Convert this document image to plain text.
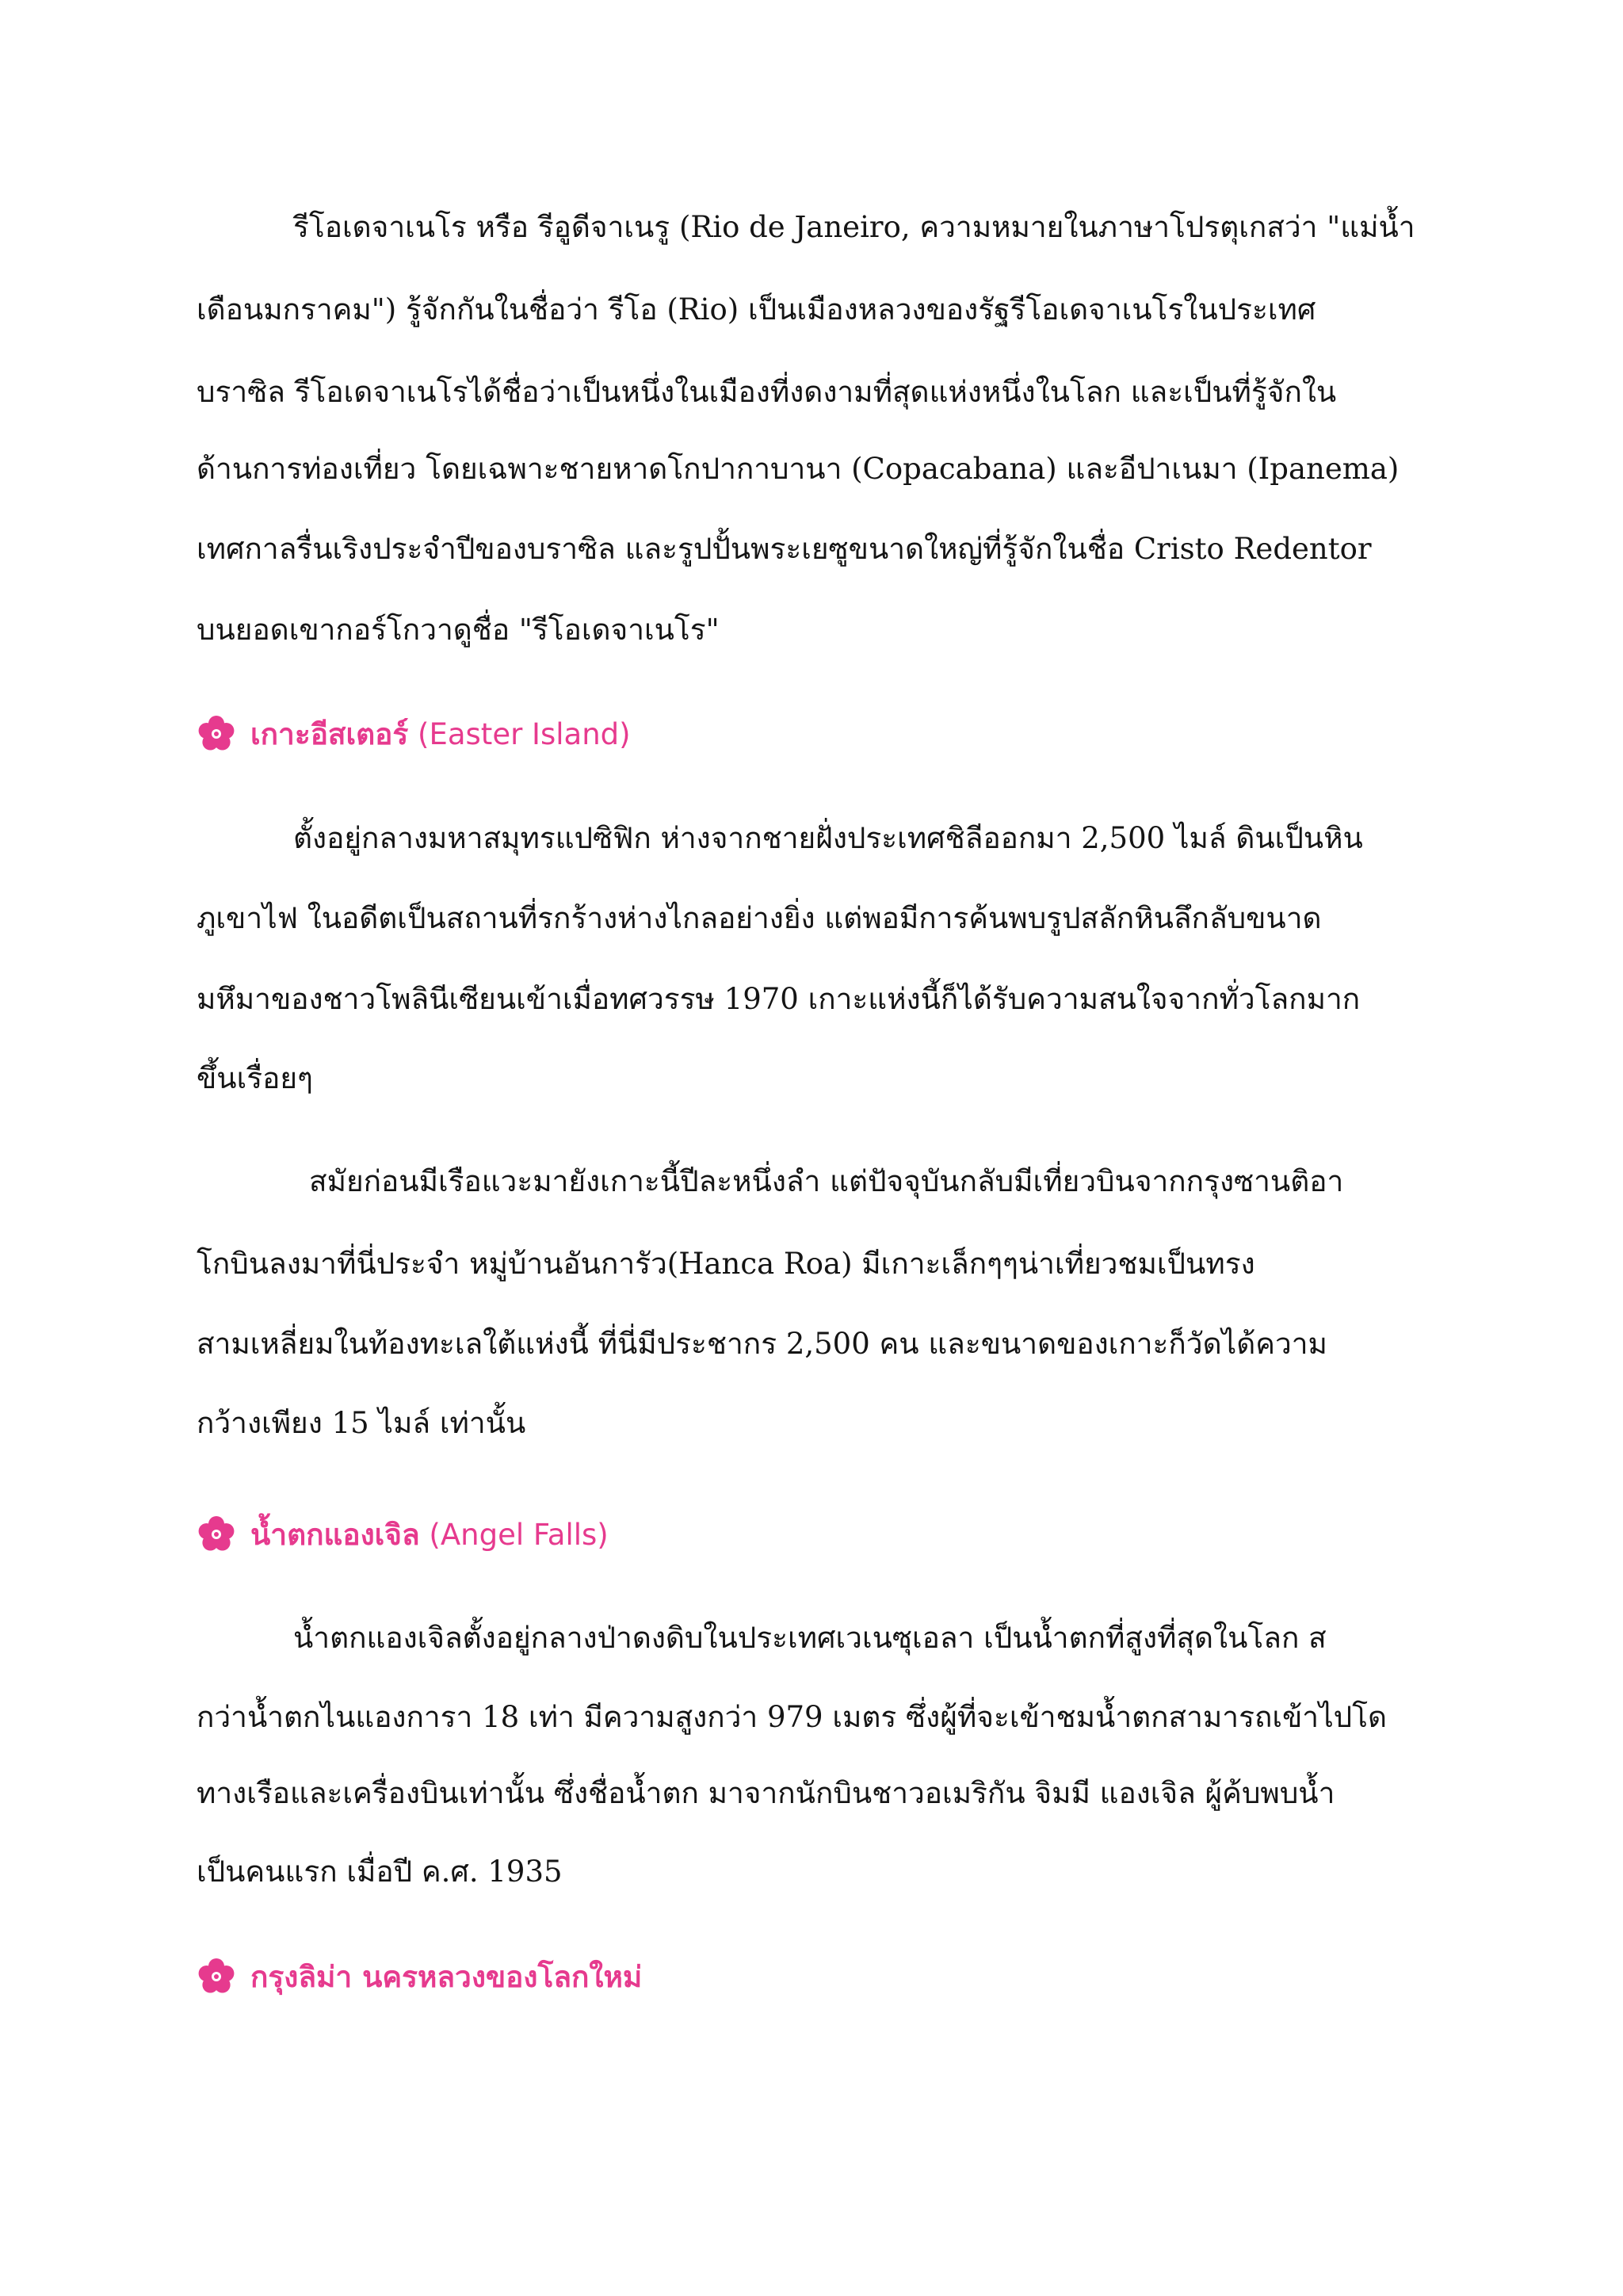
รีโอเดจาเนโร หรือ รีอูดีจาเนรู (Rio de Janeiro, ความหมายในภาษาโปรตุเกสว่า "แม่น้ำ
เดือนมกราคม") รู้จักกันในชื่อว่า รีโอ (Rio) เป็นเมืองหลวงของรัฐรีโอเดจาเนโรในประเทศ
บราซิล รีโอเดจาเนโรได้ชื่อว่าเป็นหนึ่งในเมืองที่งดงามที่สุดแห่งหนึ่งในโลก และเป็นที่รู้จักใน
ด้านการท่องเที่ยว โดยเฉพาะชายหาดโกปากาบานา (Copacabana) และอีปาเนมา (Ipanema)
เทศกาลรื่นเริงประจำปีของบราซิล และรูปปั้นพระเยซูขนาดใหญ่ที่รู้จักในชื่อ Cristo Redentor
บนยอดเขากอร์โกวาดูชื่อ "รีโอเดจาเนโร"
เกาะอีสเตอร์ (Easter Island)
ตั้งอยู่กลางมหาสมุทรแปซิฟิก ห่างจากชายฝั่งประเทศชิลีออกมา 2,500 ไมล์ ดินเป็นหิน
ภูเขาไฟ ในอดีตเป็นสถานที่รกร้างห่างไกลอย่างยิ่ง แต่พอมีการค้นพบรูปสลักหินลึกลับขนาด
มหึมาของชาวโพลินีเซียนเข้าเมื่อทศวรรษ 1970 เกาะแห่งนี้ก็ได้รับความสนใจจากทั่วโลกมาก
ขึ้นเรื่อยๆ
สมัยก่อนมีเรือแวะมายังเกาะนี้ปีละหนึ่งลำ แต่ปัจจุบันกลับมีเที่ยวบินจากกรุงซานติอา
โกบินลงมาที่นี่ประจำ หมู่บ้านอันการัว(Hanca Roa) มีเกาะเล็กๆๆน่าเที่ยวชมเป็นทรง
สามเหลี่ยมในท้องทะเลใต้แห่งนี้ ที่นี่มีประชากร 2,500 คน และขนาดของเกาะก็วัดได้ความ
กว้างเพียง 15 ไมล์ เท่านั้น
น้ำตกแองเจิล (Angel Falls)
น้ำตกแองเจิลตั้งอยู่กลางป่าดงดิบในประเทศเวเนซุเอลา เป็นน้ำตกที่สูงที่สุดในโลก ส
กว่าน้ำตกไนแองการา 18 เท่า มีความสูงกว่า 979 เมตร ซึ่งผู้ที่จะเข้าชมน้ำตกสามารถเข้าไปโด
ทางเรือและเครื่องบินเท่านั้น ซึ่งชื่อน้ำตก มาจากนักบินชาวอเมริกัน จิมมี แองเจิล ผู้ค้บพบน้ำ
เป็นคนแรก เมื่อปี ค.ศ. 1935
กรุงลิม่า นครหลวงของโลกใหม่
